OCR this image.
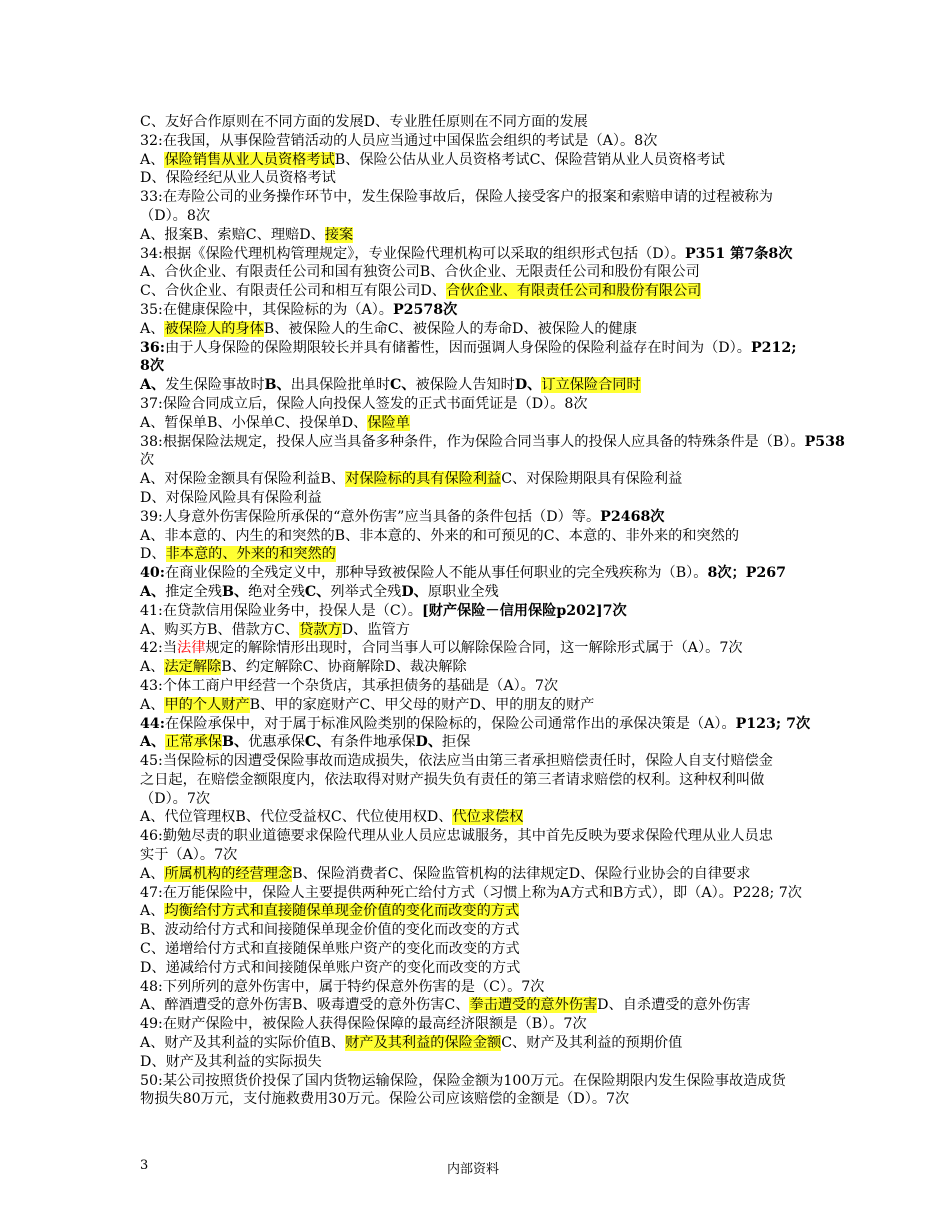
C、友好合作原则在不同方面的发展D、专业胜任原则在不同方面的发展
32:在我国，从事保险营销活动的人员应当通过中国保监会组织的考试是（A）。8次
A、保险销售从业人员资格考试B、保险公估从业人员资格考试C、保险营销从业人员资格考试
D、保险经纪从业人员资格考试
33:在寿险公司的业务操作环节中，发生保险事故后，保险人接受客户的报案和索赔申请的过程被称为
（D）。8次
A、报案B、索赔C、理赔D、接案
34:根据《保险代理机构管理规定》，专业保险代理机构可以采取的组织形式包括（D）。P351 第7条8次
A、合伙企业、有限责任公司和国有独资公司B、合伙企业、无限责任公司和股份有限公司
C、合伙企业、有限责任公司和相互有限公司D、合伙企业、有限责任公司和股份有限公司
35:在健康保险中，其保险标的为（A）。P2578次
A、被保险人的身体B、被保险人的生命C、被保险人的寿命D、被保险人的健康
36:由于人身保险的保险期限较长并具有储蓄性，因而强调人身保险的保险利益存在时间为（D）。P212;
8次
A、发生保险事故时B、出具保险批单时C、被保险人告知时D、订立保险合同时
37:保险合同成立后，保险人向投保人签发的正式书面凭证是（D）。8次
A、暂保单B、小保单C、投保单D、保险单
38:根据保险法规定，投保人应当具备多种条件，作为保险合同当事人的投保人应具备的特殊条件是（B）。P538
次
A、对保险金额具有保险利益B、对保险标的具有保险利益C、对保险期限具有保险利益
D、对保险风险具有保险利益
39:人身意外伤害保险所承保的“意外伤害”应当具备的条件包括（D）等。P2468次
A、非本意的、内生的和突然的B、非本意的、外来的和可预见的C、本意的、非外来的和突然的
D、非本意的、外来的和突然的
40:在商业保险的全残定义中，那种导致被保险人不能从事任何职业的完全残疾称为（B）。8次；P267
A、推定全残B、绝对全残C、列举式全残D、原职业全残
41:在贷款信用保险业务中，投保人是（C）。[财产保险－信用保险p202]7次
A、购买方B、借款方C、贷款方D、监管方
42:当法律规定的解除情形出现时，合同当事人可以解除保险合同，这一解除形式属于（A）。7次
A、法定解除B、约定解除C、协商解除D、裁决解除
43:个体工商户甲经营一个杂货店，其承担债务的基础是（A）。7次
A、甲的个人财产B、甲的家庭财产C、甲父母的财产D、甲的朋友的财产
44:在保险承保中，对于属于标准风险类别的保险标的，保险公司通常作出的承保决策是（A）。P123; 7次
A、正常承保B、优惠承保C、有条件地承保D、拒保
45:当保险标的因遭受保险事故而造成损失，依法应当由第三者承担赔偿责任时，保险人自支付赔偿金
之日起，在赔偿金额限度内，依法取得对财产损失负有责任的第三者请求赔偿的权利。这种权利叫做
（D）。7次
A、代位管理权B、代位受益权C、代位使用权D、代位求偿权
46:勤勉尽责的职业道德要求保险代理从业人员应忠诚服务，其中首先反映为要求保险代理从业人员忠
实于（A）。7次
A、所属机构的经营理念B、保险消费者C、保险监管机构的法律规定D、保险行业协会的自律要求
47:在万能保险中，保险人主要提供两种死亡给付方式（习惯上称为A方式和B方式），即（A）。P228; 7次
A、均衡给付方式和直接随保单现金价值的变化而改变的方式
B、波动给付方式和间接随保单现金价值的变化而改变的方式
C、递增给付方式和直接随保单账户资产的变化而改变的方式
D、递减给付方式和间接随保单账户资产的变化而改变的方式
48:下列所列的意外伤害中，属于特约保意外伤害的是（C）。7次
A、醉酒遭受的意外伤害B、吸毒遭受的意外伤害C、拳击遭受的意外伤害D、自杀遭受的意外伤害
49:在财产保险中，被保险人获得保险保障的最高经济限额是（B）。7次
A、财产及其利益的实际价值B、财产及其利益的保险金额C、财产及其利益的预期价值
D、财产及其利益的实际损失
50:某公司按照货价投保了国内货物运输保险，保险金额为100万元。在保险期限内发生保险事故造成货
物损失80万元，支付施救费用30万元。保险公司应该赔偿的金额是（D）。7次
3	内部资料
